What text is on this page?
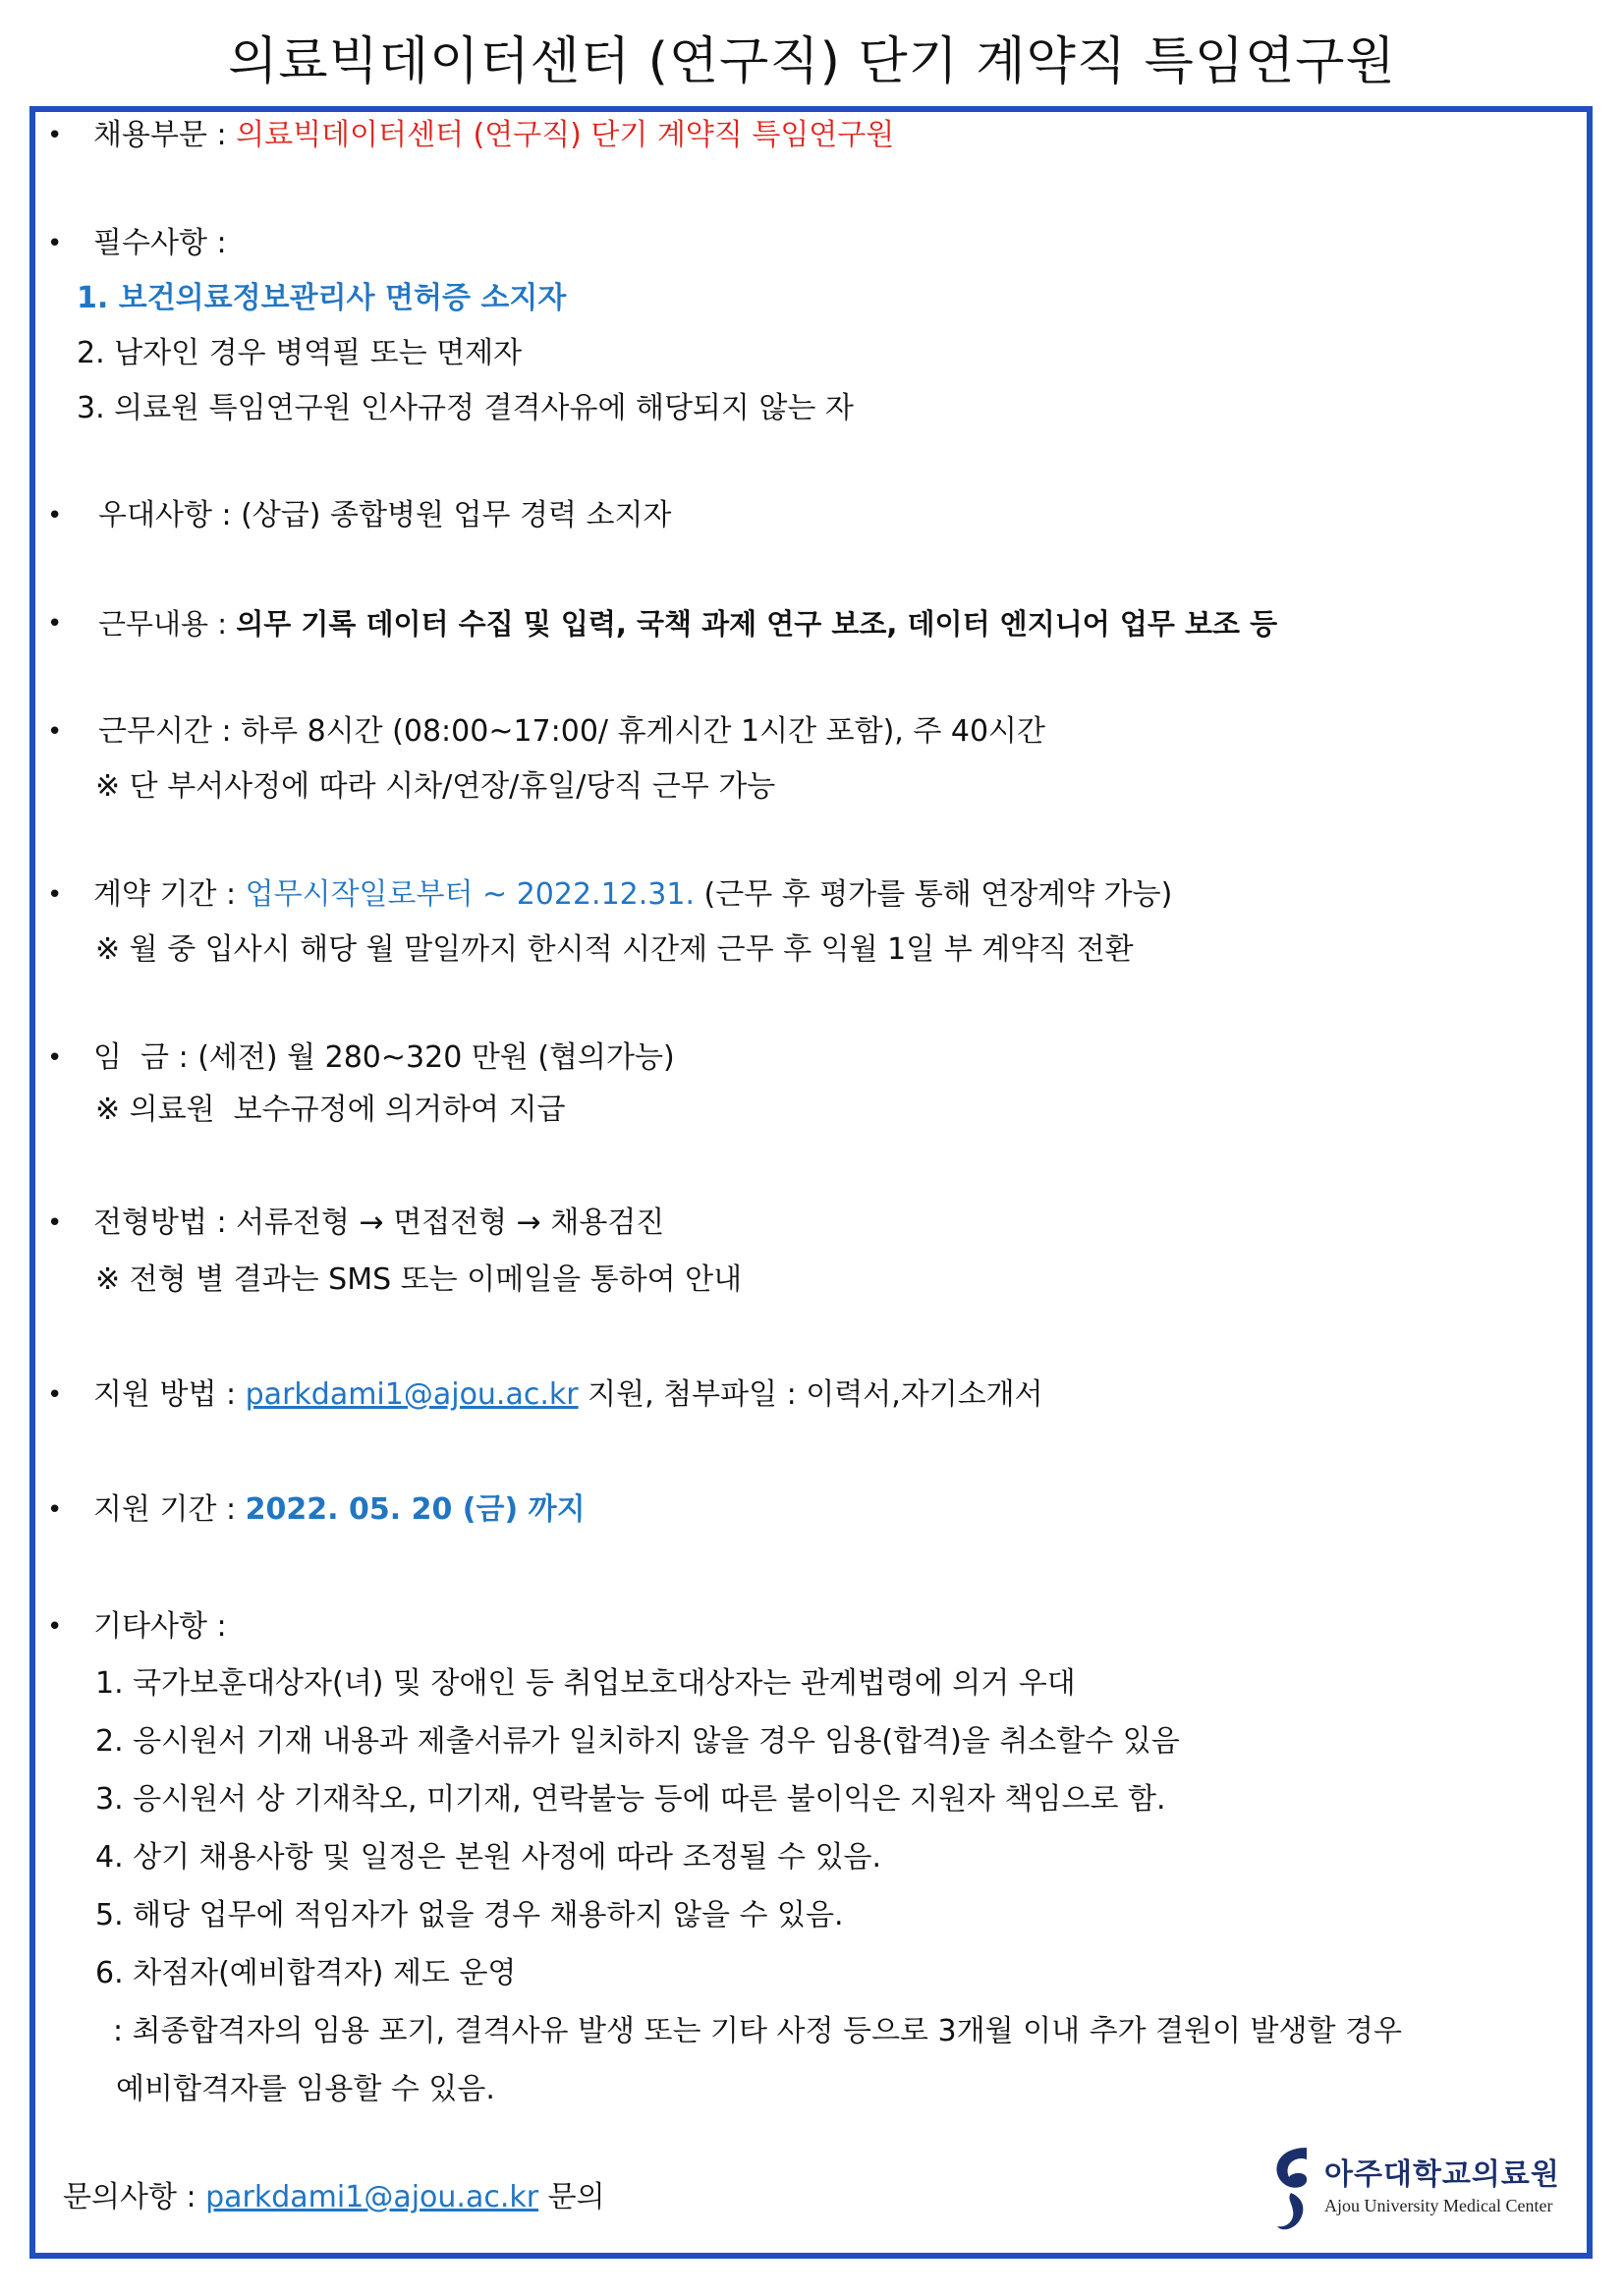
의료빅데이터센터 (연구직) 단기 계약직 특임연구원
• 채용부문 : 의료빅데이터센터 (연구직) 단기 계약직 특임연구원
• 필수사항 :
1. 보건의료정보관리사 면허증 소지자
2. 남자인 경우 병역필 또는 면제자
3. 의료원 특임연구원 인사규정 결격사유에 해당되지 않는 자
• 우대사항 : (상급) 종합병원 업무 경력 소지자
• 근무내용 : 의무 기록 데이터 수집 및 입력, 국책 과제 연구 보조, 데이터 엔지니어 업무 보조 등
• 근무시간 : 하루 8시간 (08:00~17:00/ 휴게시간 1시간 포함), 주 40시간
※ 단 부서사정에 따라 시차/연장/휴일/당직 근무 가능
• 계약 기간 : 업무시작일로부터 ~ 2022.12.31. (근무 후 평가를 통해 연장계약 가능)
※ 월 중 입사시 해당 월 말일까지 한시적 시간제 근무 후 익월 1일 부 계약직 전환
• 임  금 : (세전) 월 280~320 만원 (협의가능)
※ 의료원  보수규정에 의거하여 지급
• 전형방법 : 서류전형 → 면접전형 → 채용검진
※ 전형 별 결과는 SMS 또는 이메일을 통하여 안내
• 지원 방법 : parkdami1@ajou.ac.kr 지원, 첨부파일 : 이력서,자기소개서
• 지원 기간 : 2022. 05. 20 (금) 까지
• 기타사항 :
1. 국가보훈대상자(녀) 및 장애인 등 취업보호대상자는 관계법령에 의거 우대
2. 응시원서 기재 내용과 제출서류가 일치하지 않을 경우 임용(합격)을 취소할수 있음
3. 응시원서 상 기재착오, 미기재, 연락불능 등에 따른 불이익은 지원자 책임으로 함.
4. 상기 채용사항 및 일정은 본원 사정에 따라 조정될 수 있음.
5. 해당 업무에 적임자가 없을 경우 채용하지 않을 수 있음.
6. 차점자(예비합격자) 제도 운영
: 최종합격자의 임용 포기, 결격사유 발생 또는 기타 사정 등으로 3개월 이내 추가 결원이 발생할 경우
예비합격자를 임용할 수 있음.
문의사항 : parkdami1@ajou.ac.kr 문의
아주대학교의료원
Ajou University Medical Center
